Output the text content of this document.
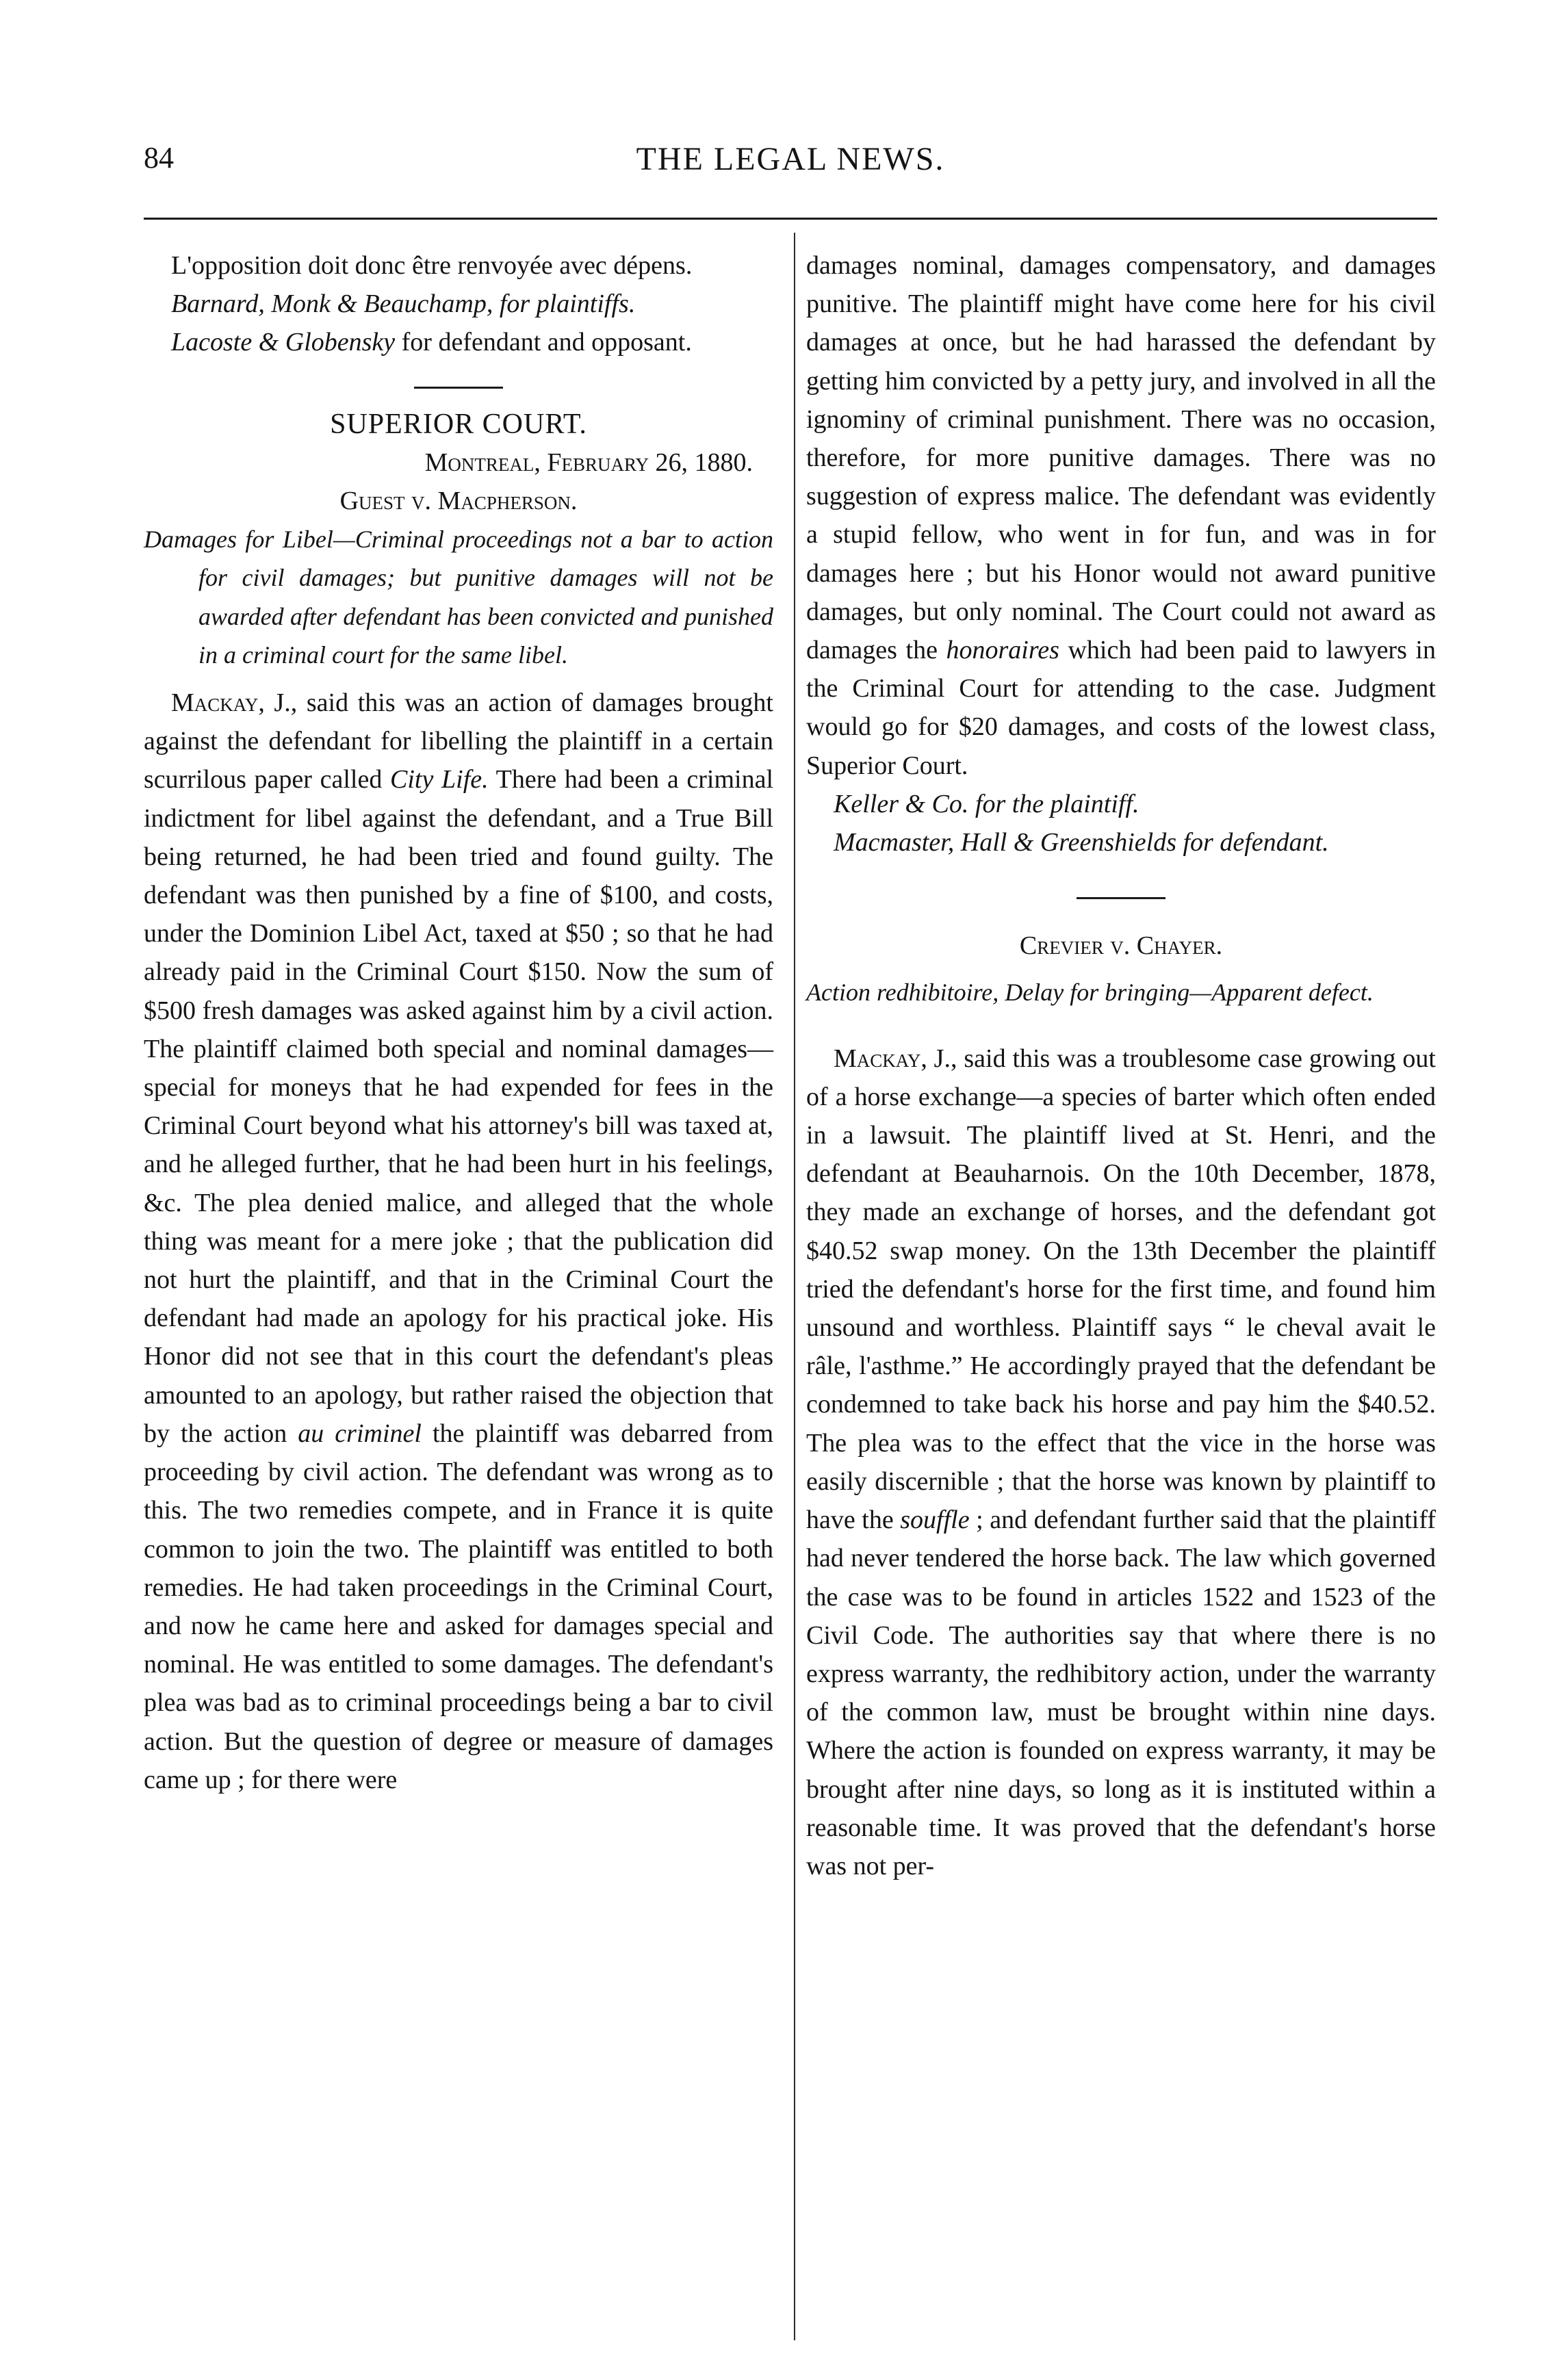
84	THE LEGAL NEWS.

L'opposition doit donc être renvoyée avec dépens.

Barnard, Monk & Beauchamp, for plaintiffs.

Lacoste & Globensky for defendant and opposant.

SUPERIOR COURT.

Montreal, February 26, 1880.

Guest v. Macpherson.

Damages for Libel—Criminal proceedings not a bar to action for civil damages; but punitive damages will not be awarded after defendant has been convicted and punished in a criminal court for the same libel.

Mackay, J., said this was an action of damages brought against the defendant for libelling the plaintiff in a certain scurrilous paper called City Life. There had been a criminal indictment for libel against the defendant, and a True Bill being returned, he had been tried and found guilty. The defendant was then punished by a fine of $100, and costs, under the Dominion Libel Act, taxed at $50 ; so that he had already paid in the Criminal Court $150. Now the sum of $500 fresh damages was asked against him by a civil action. The plaintiff claimed both special and nominal damages—special for moneys that he had expended for fees in the Criminal Court beyond what his attorney's bill was taxed at, and he alleged further, that he had been hurt in his feelings, &c. The plea denied malice, and alleged that the whole thing was meant for a mere joke ; that the publication did not hurt the plaintiff, and that in the Criminal Court the defendant had made an apology for his practical joke. His Honor did not see that in this court the defendant's pleas amounted to an apology, but rather raised the objection that by the action au criminel the plaintiff was debarred from proceeding by civil action. The defendant was wrong as to this. The two remedies compete, and in France it is quite common to join the two. The plaintiff was entitled to both remedies. He had taken proceedings in the Criminal Court, and now he came here and asked for damages special and nominal. He was entitled to some damages. The defendant's plea was bad as to criminal proceedings being a bar to civil action. But the question of degree or measure of damages came up ; for there were

damages nominal, damages compensatory, and damages punitive. The plaintiff might have come here for his civil damages at once, but he had harassed the defendant by getting him convicted by a petty jury, and involved in all the ignominy of criminal punishment. There was no occasion, therefore, for more punitive damages. There was no suggestion of express malice. The defendant was evidently a stupid fellow, who went in for fun, and was in for damages here ; but his Honor would not award punitive damages, but only nominal. The Court could not award as damages the honoraires which had been paid to lawyers in the Criminal Court for attending to the case. Judgment would go for $20 damages, and costs of the lowest class, Superior Court.

Keller & Co. for the plaintiff.

Macmaster, Hall & Greenshields for defendant.

Crevier v. Chayer.

Action redhibitoire, Delay for bringing—Apparent defect.

Mackay, J., said this was a troublesome case growing out of a horse exchange—a species of barter which often ended in a lawsuit. The plaintiff lived at St. Henri, and the defendant at Beauharnois. On the 10th December, 1878, they made an exchange of horses, and the defendant got $40.52 swap money. On the 13th December the plaintiff tried the defendant's horse for the first time, and found him unsound and worthless. Plaintiff says “ le cheval avait le râle, l'asthme.” He accordingly prayed that the defendant be condemned to take back his horse and pay him the $40.52. The plea was to the effect that the vice in the horse was easily discernible ; that the horse was known by plaintiff to have the souffle ; and defendant further said that the plaintiff had never tendered the horse back. The law which governed the case was to be found in articles 1522 and 1523 of the Civil Code. The authorities say that where there is no express warranty, the redhibitory action, under the warranty of the common law, must be brought within nine days. Where the action is founded on express warranty, it may be brought after nine days, so long as it is instituted within a reasonable time. It was proved that the defendant's horse was not per-
